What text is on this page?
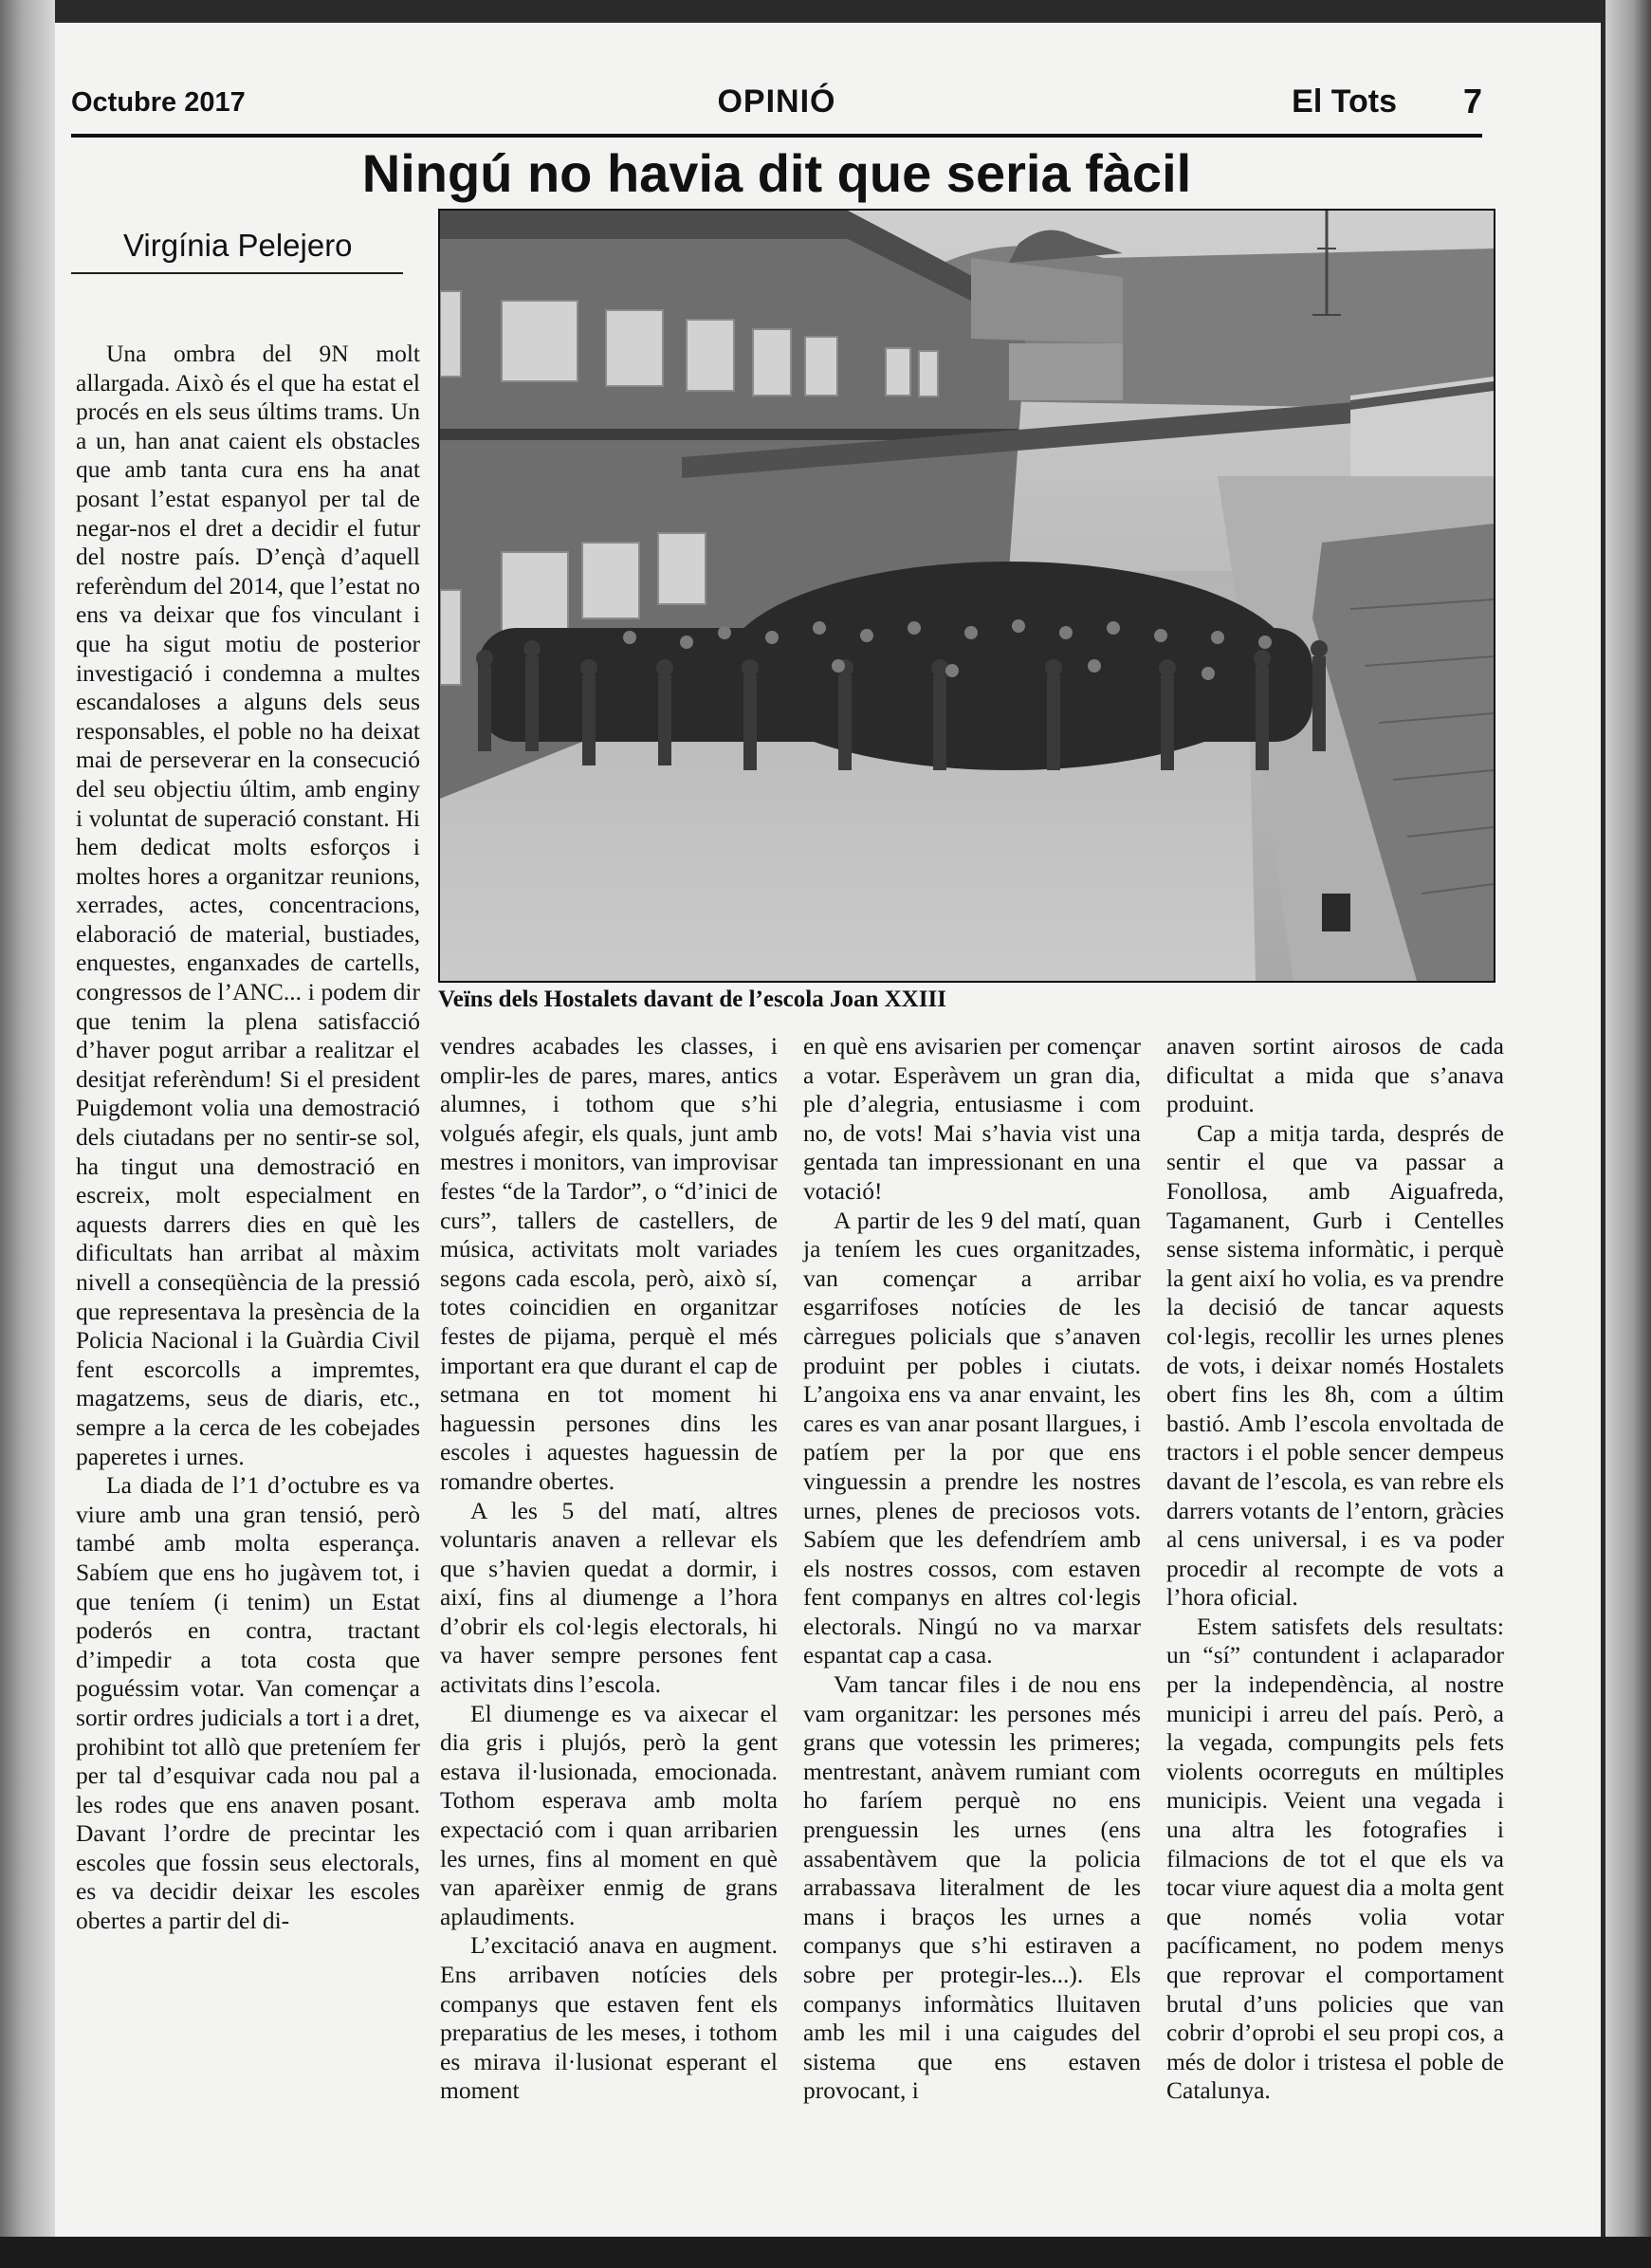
Octubre 2017	OPINIÓ	El Tots 7
Ningú no havia dit que seria fàcil
Virgínia Pelejero
Veïns dels Hostalets davant de l’escola Joan XXIII

Una ombra del 9N molt allargada. Això és el que ha estat el procés en els seus últims trams. Un a un, han anat caient els obstacles que amb tanta cura ens ha anat posant l’estat espanyol per tal de negar-nos el dret a decidir el futur del nostre país. D’ençà d’aquell referèndum del 2014, que l’estat no ens va deixar que fos vinculant i que ha sigut motiu de posterior investigació i condemna a multes escandaloses a alguns dels seus responsables, el poble no ha deixat mai de perseverar en la consecució del seu objectiu últim, amb enginy i voluntat de superació constant. Hi hem dedicat molts esforços i moltes hores a organitzar reunions, xerrades, actes, concentracions, elaboració de material, bustiades, enquestes, enganxades de cartells, congressos de l’ANC... i podem dir que tenim la plena satisfacció d’haver pogut arribar a realitzar el desitjat referèndum! Si el president Puigdemont volia una demostració dels ciutadans per no sentir-se sol, ha tingut una demostració en escreix, molt especialment en aquests darrers dies en què les dificultats han arribat al màxim nivell a conseqüència de la pressió que representava la presència de la Policia Nacional i la Guàrdia Civil fent escorcolls a impremtes, magatzems, seus de diaris, etc., sempre a la cerca de les cobejades paperetes i urnes.

La diada de l’1 d’octubre es va viure amb una gran tensió, però també amb molta esperança. Sabíem que ens ho jugàvem tot, i que teníem (i tenim) un Estat poderós en contra, tractant d’impedir a tota costa que poguéssim votar. Van començar a sortir ordres judicials a tort i a dret, prohibint tot allò que preteníem fer per tal d’esquivar cada nou pal a les rodes que ens anaven posant. Davant l’ordre de precintar les escoles que fossin seus electorals, es va decidir deixar les escoles obertes a partir del di-

vendres acabades les classes, i omplir-les de pares, mares, antics alumnes, i tothom que s’hi volgués afegir, els quals, junt amb mestres i monitors, van improvisar festes “de la Tardor”, o “d’inici de curs”, tallers de castellers, de música, activitats molt variades segons cada escola, però, això sí, totes coincidien en organitzar festes de pijama, perquè el més important era que durant el cap de setmana en tot moment hi haguessin persones dins les escoles i aquestes haguessin de romandre obertes.

A les 5 del matí, altres voluntaris anaven a rellevar els que s’havien quedat a dormir, i així, fins al diumenge a l’hora d’obrir els col·legis electorals, hi va haver sempre persones fent activitats dins l’escola.

El diumenge es va aixecar el dia gris i plujós, però la gent estava il·lusionada, emocionada. Tothom esperava amb molta expectació com i quan arribarien les urnes, fins al moment en què van aparèixer enmig de grans aplaudiments.

L’excitació anava en augment. Ens arribaven notícies dels companys que estaven fent els preparatius de les meses, i tothom es mirava il·lusionat esperant el moment

en què ens avisarien per començar a votar. Esperàvem un gran dia, ple d’alegria, entusiasme i com no, de vots! Mai s’havia vist una gentada tan impressionant en una votació!

A partir de les 9 del matí, quan ja teníem les cues organitzades, van començar a arribar esgarrifoses notícies de les càrregues policials que s’anaven produint per pobles i ciutats. L’angoixa ens va anar envaint, les cares es van anar posant llargues, i patíem per la por que ens vinguessin a prendre les nostres urnes, plenes de preciosos vots. Sabíem que les defendríem amb els nostres cossos, com estaven fent companys en altres col·legis electorals. Ningú no va marxar espantat cap a casa.

Vam tancar files i de nou ens vam organitzar: les persones més grans que votessin les primeres; mentrestant, anàvem rumiant com ho faríem perquè no ens prenguessin les urnes (ens assabentàvem que la policia arrabassava literalment de les mans i braços les urnes a companys que s’hi estiraven a sobre per protegir-les...). Els companys informàtics lluitaven amb les mil i una caigudes del sistema que ens estaven provocant, i

anaven sortint airosos de cada dificultat a mida que s’anava produint.

Cap a mitja tarda, després de sentir el que va passar a Fonollosa, amb Aiguafreda, Tagamanent, Gurb i Centelles sense sistema informàtic, i perquè la gent així ho volia, es va prendre la decisió de tancar aquests col·legis, recollir les urnes plenes de vots, i deixar només Hostalets obert fins les 8h, com a últim bastió. Amb l’escola envoltada de tractors i el poble sencer dempeus davant de l’escola, es van rebre els darrers votants de l’entorn, gràcies al cens universal, i es va poder procedir al recompte de vots a l’hora oficial.

Estem satisfets dels resultats: un “sí” contundent i aclaparador per la independència, al nostre municipi i arreu del país. Però, a la vegada, compungits pels fets violents ocorreguts en múltiples municipis. Veient una vegada i una altra les fotografies i filmacions de tot el que els va tocar viure aquest dia a molta gent que només volia votar pacíficament, no podem menys que reprovar el comportament brutal d’uns policies que van cobrir d’oprobi el seu propi cos, a més de dolor i tristesa el poble de Catalunya.
